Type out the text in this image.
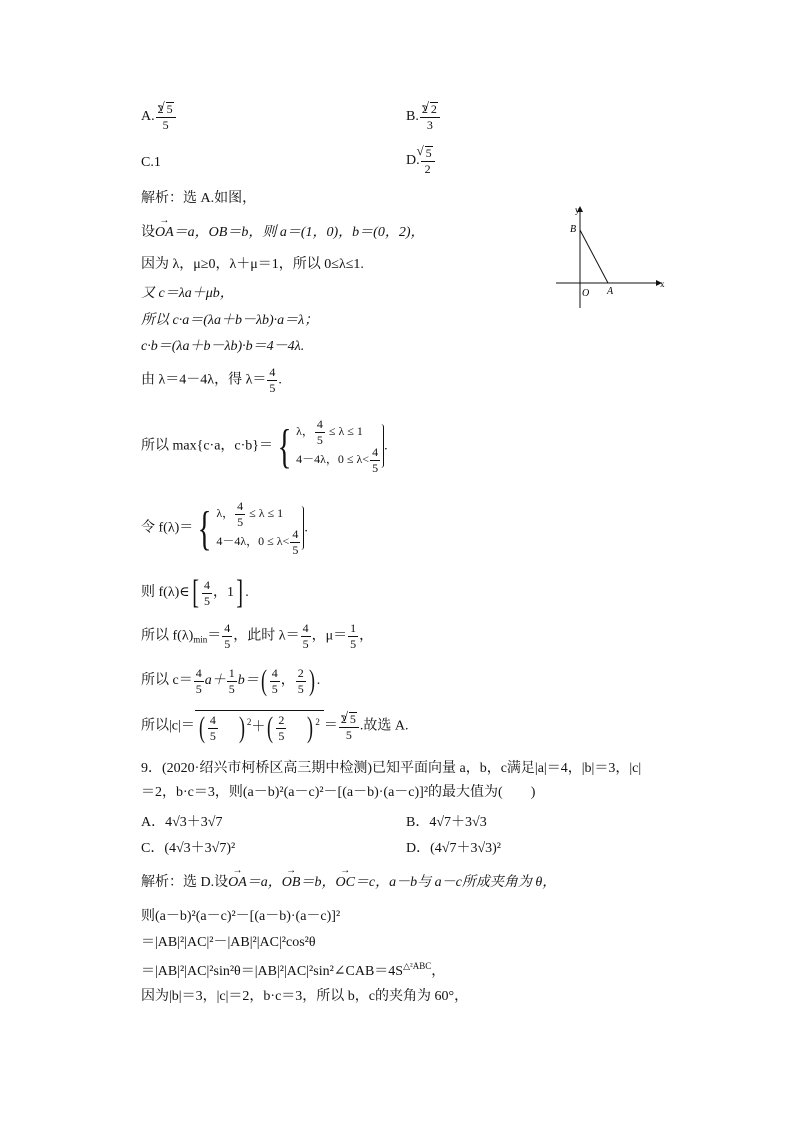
A. $\frac{2 √ 5}{5}$	B. $\frac{2 √ 2}{3}$
C.1	D. √ $\frac{5}{2}$
解析：选 A.如图，
设OA →＝a，OB＝b，则 a＝(1，0)，b＝(0，2)，
因为 λ，μ≥0，λ＋μ＝1，所以 0≤λ≤1.
又 c＝λa＋μb，
所以 c·a＝(λa＋b－λb)·a＝λ；
c·b＝(λa＋b－λb)·b＝4－4λ.
由 λ＝4－4λ，得 $\lambda= \frac{4}{5}$ .
所以 max{c·a，c·b}＝{ λ， $\frac{4}{5} \le \lambda \le 1$
4－4λ，$0 \le \lambda< \frac{4}{5}$
.
令 f(λ)＝{ λ， $\frac{4}{5} \le \lambda \le 1$
4－4λ，$0 \le \lambda< \frac{4}{5}$
.
则 f(λ)∈[ $\frac{4}{5}$ ，1] .
所以 $f(\lambda)_{min}= \frac{4}{5}$ ，此时 $\lambda= \frac{4}{5}$ ，$\mu= \frac{1}{5}$ ，
所以 $c= \frac{4}{5} a+ \frac{1}{5} b=( \frac{4}{5}$ ， $\frac{2}{5}$ ) .
所以|c|＝ ( $\frac{4}{5}$ ) $^2+( \frac{2}{5}$ ) $^2 = \frac{2 √ 5}{5}$ .故选 A.
9．(2020·绍兴市柯桥区高三期中检测)已知平面向量 a，b，c满足|a|＝4，|b|＝3，|c|
＝2，b·c＝3，则(a－b)²(a－c)²－[(a－b)·(a－c)]²的最大值为(　　)
A．4√3＋3√7	B．4√7＋3√3
C．(4√3＋3√7)²	D．(4√7＋3√3)²
解析：选 D.设OA →＝a，OB →＝b，OC →＝c，a－b与 a－c所成夹角为 θ，
则(a－b)²(a－c)²－[(a－b)·(a－c)]²
＝|AB|²|AC|²－|AB|²|AC|²cos²θ
$=|AB|^2|AC|^2\sin^2\theta=|AB|^2|AC|^2\sin^2\angle CAB=4S^{\triangle^2ABC}$，
因为|b|＝3，|c|＝2，b·c＝3，所以 b，c的夹角为 60°，
y
x
B
O A
